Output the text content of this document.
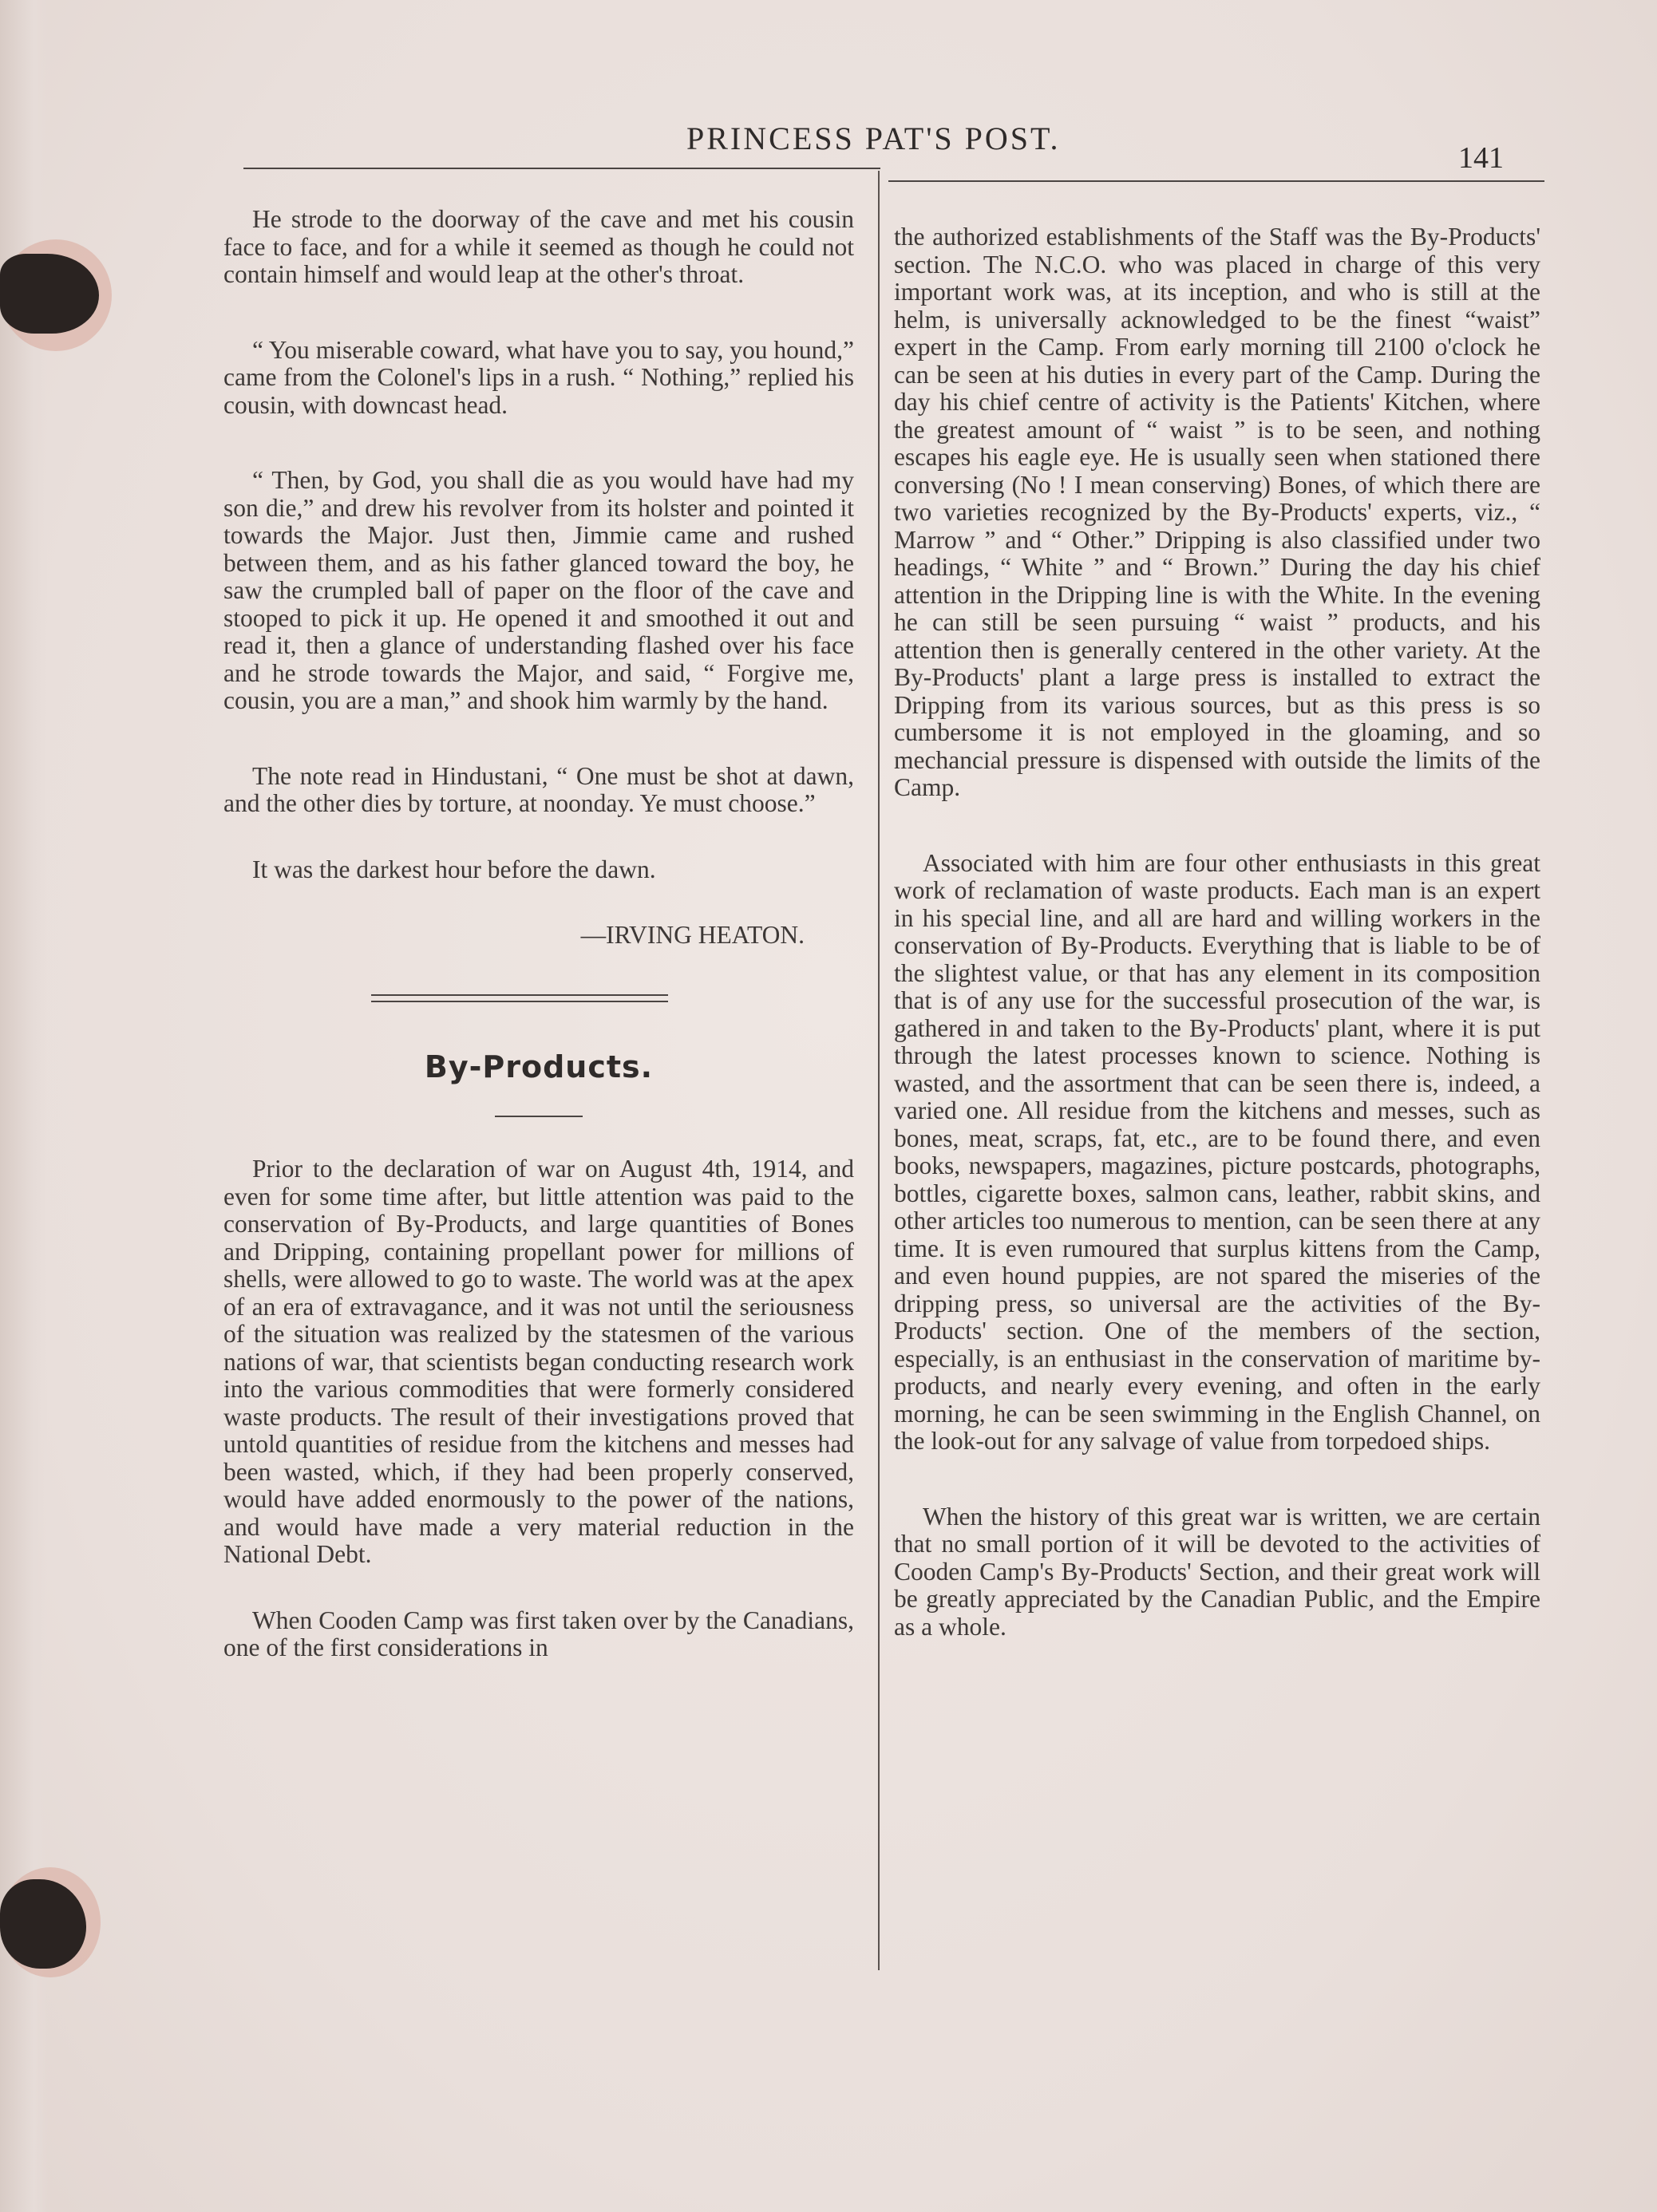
PRINCESS PAT'S POST.
141

He strode to the doorway of the cave and met his cousin face to face, and for a while it seemed as though he could not contain himself and would leap at the other's throat.

“ You miserable coward, what have you to say, you hound,” came from the Colonel's lips in a rush. “ Nothing,” replied his cousin, with downcast head.

“ Then, by God, you shall die as you would have had my son die,” and drew his revolver from its holster and pointed it towards the Major. Just then, Jimmie came and rushed between them, and as his father glanced toward the boy, he saw the crumpled ball of paper on the floor of the cave and stooped to pick it up. He opened it and smoothed it out and read it, then a glance of understanding flashed over his face and he strode towards the Major, and said, “ Forgive me, cousin, you are a man,” and shook him warmly by the hand.

The note read in Hindustani, “ One must be shot at dawn, and the other dies by torture, at noonday. Ye must choose.”

It was the darkest hour before the dawn.

—IRVING HEATON.

By-Products.

Prior to the declaration of war on August 4th, 1914, and even for some time after, but little attention was paid to the conservation of By-Products, and large quantities of Bones and Dripping, containing propellant power for millions of shells, were allowed to go to waste. The world was at the apex of an era of extravagance, and it was not until the seriousness of the situation was realized by the statesmen of the various nations of war, that scientists began conducting research work into the various commodities that were formerly considered waste products. The result of their investigations proved that untold quantities of residue from the kitchens and messes had been wasted, which, if they had been properly conserved, would have added enormously to the power of the nations, and would have made a very material reduction in the National Debt.

When Cooden Camp was first taken over by the Canadians, one of the first considerations in

the authorized establishments of the Staff was the By-Products' section. The N.C.O. who was placed in charge of this very important work was, at its inception, and who is still at the helm, is universally acknowledged to be the finest “waist” expert in the Camp. From early morning till 2100 o'clock he can be seen at his duties in every part of the Camp. During the day his chief centre of activity is the Patients' Kitchen, where the greatest amount of “ waist ” is to be seen, and nothing escapes his eagle eye. He is usually seen when stationed there conversing (No ! I mean conserving) Bones, of which there are two varieties recognized by the By-Products' experts, viz., “ Marrow ” and “ Other.” Dripping is also classified under two headings, “ White ” and “ Brown.” During the day his chief attention in the Dripping line is with the White. In the evening he can still be seen pursuing “ waist ” products, and his attention then is generally centered in the other variety. At the By-Products' plant a large press is installed to extract the Dripping from its various sources, but as this press is so cumbersome it is not employed in the gloaming, and so mechancial pressure is dispensed with outside the limits of the Camp.

Associated with him are four other enthusiasts in this great work of reclamation of waste products. Each man is an expert in his special line, and all are hard and willing workers in the conservation of By-Products. Everything that is liable to be of the slightest value, or that has any element in its composition that is of any use for the successful prosecution of the war, is gathered in and taken to the By-Products' plant, where it is put through the latest processes known to science. Nothing is wasted, and the assortment that can be seen there is, indeed, a varied one. All residue from the kitchens and messes, such as bones, meat, scraps, fat, etc., are to be found there, and even books, newspapers, magazines, picture postcards, photographs, bottles, cigarette boxes, salmon cans, leather, rabbit skins, and other articles too numerous to mention, can be seen there at any time. It is even rumoured that surplus kittens from the Camp, and even hound puppies, are not spared the miseries of the dripping press, so universal are the activities of the By-Products' section. One of the members of the section, especially, is an enthusiast in the conservation of maritime by-products, and nearly every evening, and often in the early morning, he can be seen swimming in the English Channel, on the look-out for any salvage of value from torpedoed ships.

When the history of this great war is written, we are certain that no small portion of it will be devoted to the activities of Cooden Camp's By-Products' Section, and their great work will be greatly appreciated by the Canadian Public, and the Empire as a whole.
